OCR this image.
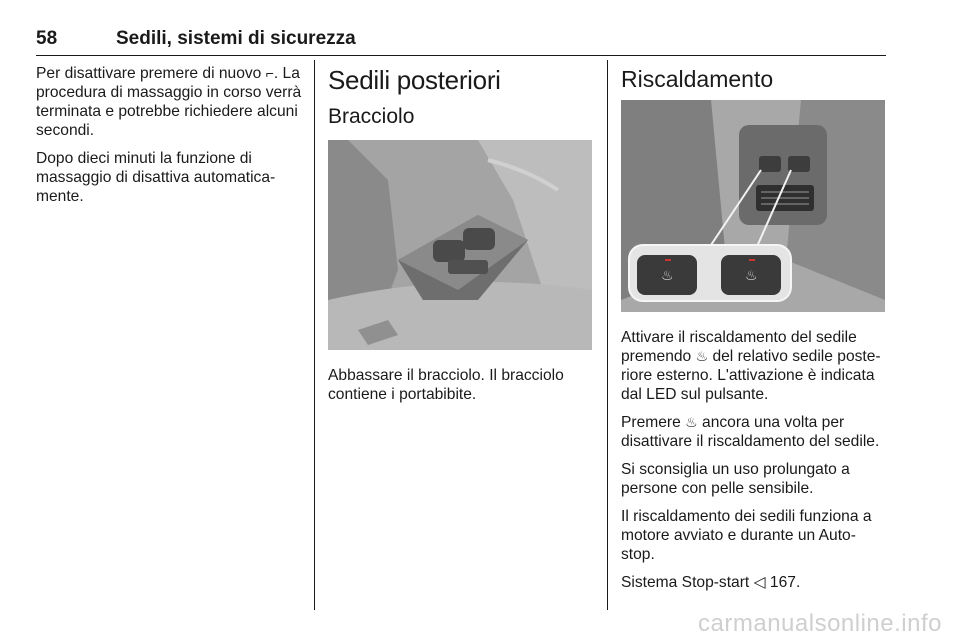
58	Sedili, sistemi di sicurezza

Per disattivare premere di nuovo ⌐. La procedura di massaggio in corso verrà terminata e potrebbe richiedere alcuni secondi.

Dopo dieci minuti la funzione di massaggio di disattiva automatica- mente.

Sedili posteriori
Bracciolo

Abbassare il bracciolo. Il bracciolo contiene i portabibite.

Riscaldamento
♨	♨

Attivare il riscaldamento del sedile premendo ♨ del relativo sedile poste- riore esterno. L'attivazione è indicata dal LED sul pulsante.

Premere ♨ ancora una volta per disattivare il riscaldamento del sedile.

Si sconsiglia un uso prolungato a persone con pelle sensibile.

Il riscaldamento dei sedili funziona a motore avviato e durante un Auto- stop.

Sistema Stop-start ◁ 167.

carmanualsonline.info
